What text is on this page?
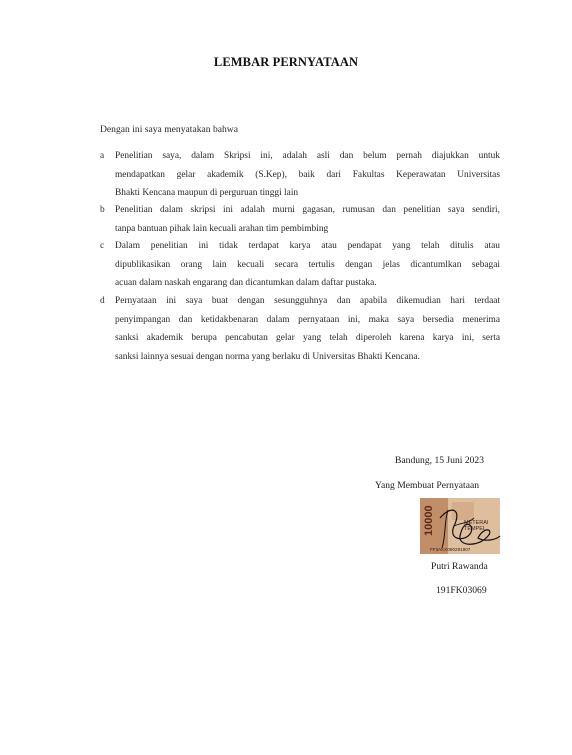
LEMBAR PERNYATAAN
Dengan ini saya menyatakan bahwa
a Penelitian saya, dalam Skripsi ini, adalah asli dan belum pernah diajukkan untuk
mendapatkan gelar akademik (S.Kep), baik dari Fakultas Keperawatan Universitas
Bhakti Kencana maupun di perguruan tinggi lain
b Penelitian dalam skripsi ini adalah murni gagasan, rumusan dan penelitian saya sendiri,
tanpa bantuan pihak lain kecuali arahan tim pembimbing
c Dalam penelitian ini tidak terdapat karya atau pendapat yang telah ditulis atau
dipublikasikan orang lain kecuali secara tertulis dengan jelas dicantumlkan sebagai
acuan dalam naskah engarang dan dicantumkan dalam daftar pustaka.
d Pernyataan ini saya buat dengan sesungguhnya dan apabila dikemudian hari terdaat
penyimpangan dan ketidakbenaran dalam pernyataan ini, maka saya bersedia menerima
sanksi akademik berupa pencabutan gelar yang telah diperoleh karena karya ini, serta
sanksi lainnya sesuai dengan norma yang berlaku di Universitas Bhakti Kencana.
Bandung, 15 Juni 2023
Yang Membuat Pernyataan
10000	METERAI
TEMPEL
FF3AKX090291907
Putri Rawanda
191FK03069
